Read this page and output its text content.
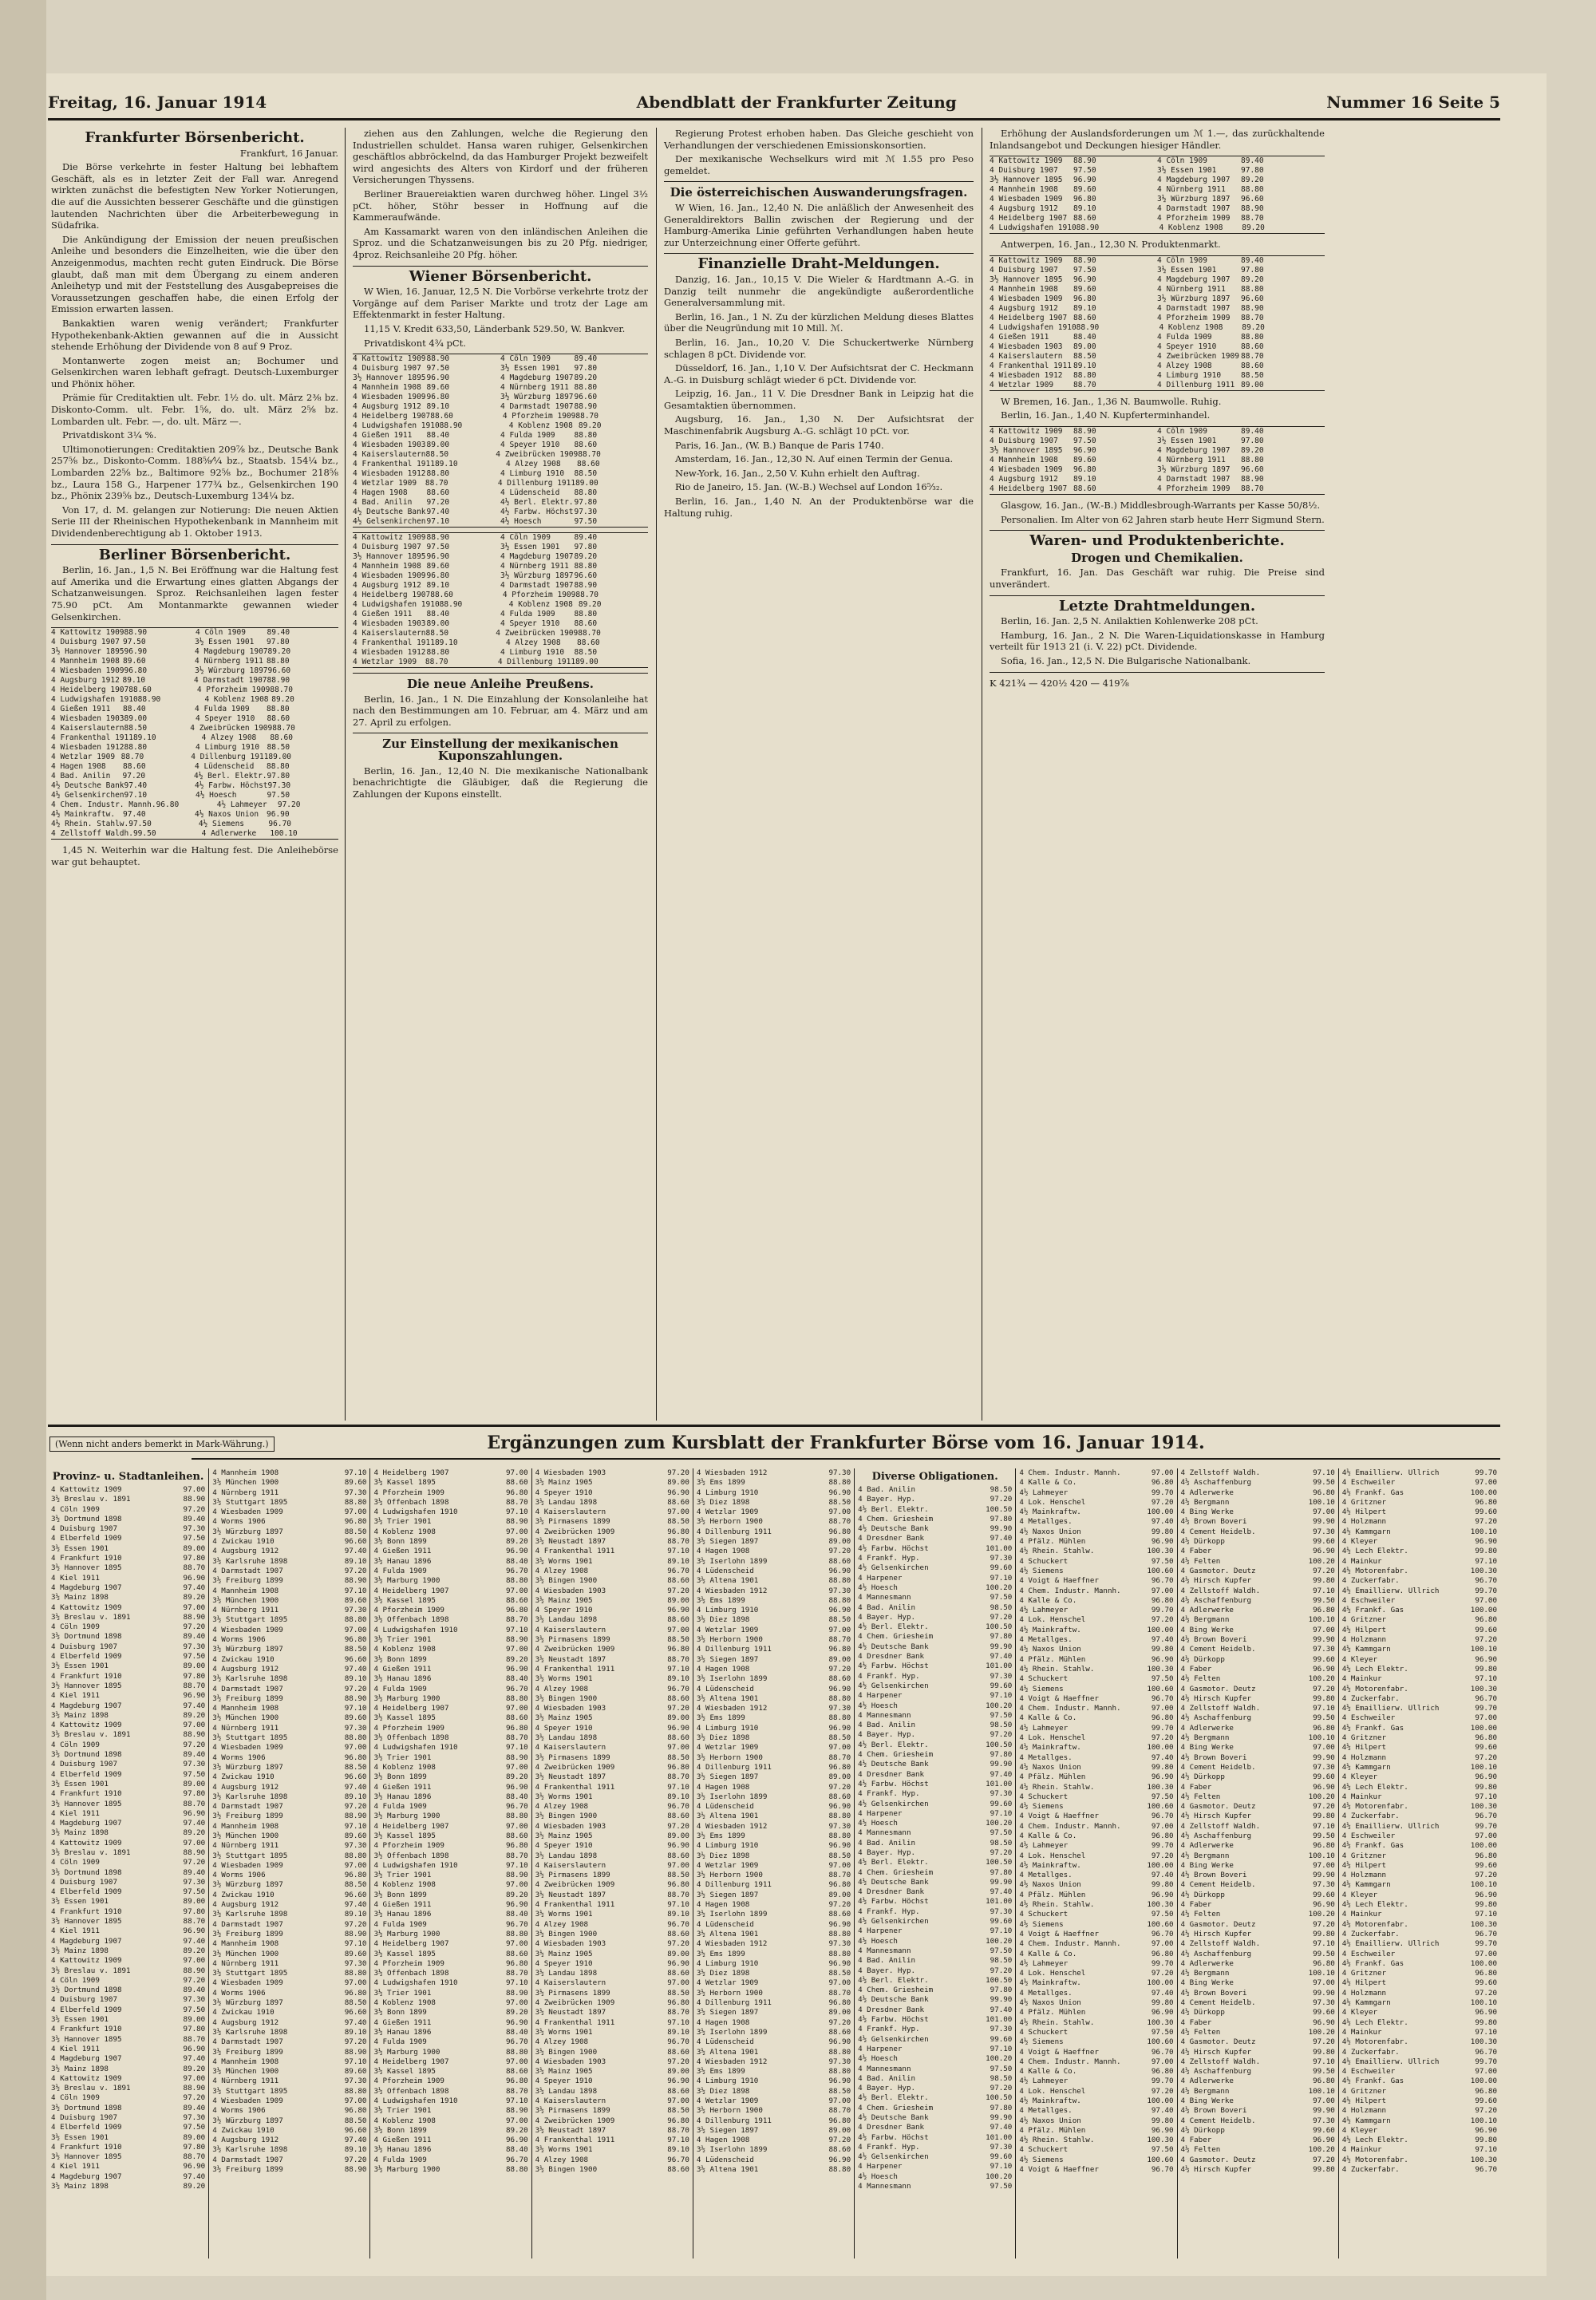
Freitag, 16. Januar 1914	Abendblatt der Frankfurter Zeitung	Nummer 16 Seite 5
Frankfurter Börsenbericht.

Frankfurt, 16 Januar.

Die Börse verkehrte in fester Haltung bei lebhaftem Geschäft, als es in letzter Zeit der Fall war. Anregend wirkten zunächst die befestigten New Yorker Notierungen, die auf die Aussichten besserer Geschäfte und die günstigen lautenden Nachrichten über die Arbeiterbewegung in Südafrika.

Die Ankündigung der Emission der neuen preußischen Anleihe und besonders die Einzelheiten, wie die über den Anzeigenmodus, machten recht guten Eindruck. Die Börse glaubt, daß man mit dem Übergang zu einem anderen Anleihetyp und mit der Feststellung des Ausgabepreises die Voraussetzungen geschaffen habe, die einen Erfolg der Emission erwarten lassen.

Bankaktien waren wenig verändert; Frankfurter Hypothekenbank-Aktien gewannen auf die in Aussicht stehende Erhöhung der Dividende von 8 auf 9 Proz.

Montanwerte zogen meist an; Bochumer und Gelsenkirchen waren lebhaft gefragt. Deutsch-Luxemburger und Phönix höher.

Prämie für Creditaktien ult. Febr. 1½ do. ult. März 2⅜ bz. Diskonto-Comm. ult. Febr. 1⅝, do. ult. März 2⅝ bz. Lombarden ult. Febr. —, do. ult. März —.

Privatdiskont 3¼ %.

Ultimonotierungen: Creditaktien 209⅞ bz., Deutsche Bank 257⅝ bz., Diskonto-Comm. 188⅝⁄¼ bz., Staatsb. 154¼ bz., Lombarden 22⅝ bz., Baltimore 92⅝ bz., Bochumer 218⅝ bz., Laura 158 G., Harpener 177¾ bz., Gelsenkirchen 190 bz., Phönix 239⅝ bz., Deutsch-Luxemburg 134¼ bz.

Von 17, d. M. gelangen zur Notierung: Die neuen Aktien Serie III der Rheinischen Hypothekenbank in Mannheim mit Dividendenberechtigung ab 1. Oktober 1913.

Berliner Börsenbericht.

Berlin, 16. Jan., 1,5 N. Bei Eröffnung war die Haltung fest auf Amerika und die Erwartung eines glatten Abgangs der Schatzanweisungen. Sproz. Reichsanleihen lagen fester 75.90 pCt. Am Montanmarkte gewannen wieder Gelsenkirchen.

4 Kattowitz 1909 88.90	4 Cöln 1909	89.40
4 Duisburg 1907 97.50	3½ Essen 1901	97.80
3½ Hannover 1895 96.90	4 Magdeburg 1907 89.20
4 Mannheim 1908 89.60	4 Nürnberg 1911 88.80
4 Wiesbaden 1909 96.80	3½ Würzburg 1897 96.60
4 Augsburg 1912 89.10	4 Darmstadt 1907 88.90
4 Heidelberg 1907 88.60	4 Pforzheim 1909 88.70
4 Ludwigshafen 1910 88.90	4 Koblenz 1908 89.20
4 Gießen 1911	88.40	4 Fulda 1909	88.80
4 Wiesbaden 1903 89.00	4 Speyer 1910	88.60
4 Kaiserslautern 88.50	4 Zweibrücken 1909 88.70
4 Frankenthal 1911 89.10	4 Alzey 1908	88.60
4 Wiesbaden 1912 88.80	4 Limburg 1910 88.50
4 Wetzlar 1909 88.70	4 Dillenburg 1911 89.00
4 Hagen 1908	88.60	4 Lüdenscheid	88.80
4 Bad. Anilin	97.20	4½ Berl. Elektr. 97.80
4½ Deutsche Bank 97.40	4½ Farbw. Höchst 97.30
4½ Gelsenkirchen 97.10	4½ Hoesch	97.50
4 Chem. Industr. Mannh. 96.80	4½ Lahmeyer	97.20
4½ Mainkraftw.	97.40	4½ Naxos Union	96.90
4½ Rhein. Stahlw. 97.50	4½ Siemens	96.70
4 Zellstoff Waldh. 99.50	4 Adlerwerke	100.10

1,45 N. Weiterhin war die Haltung fest. Die Anleihebörse war gut behauptet.

ziehen aus den Zahlungen, welche die Regierung den Industriellen schuldet. Hansa waren ruhiger, Gelsenkirchen geschäftlos abbröckelnd, da das Hamburger Projekt bezweifelt wird angesichts des Alters von Kirdorf und der früheren Versicherungen Thyssens.

Berliner Brauereiaktien waren durchweg höher. Lingel 3½ pCt. höher, Stöhr besser in Hoffnung auf die Kammeraufwände.

Am Kassamarkt waren von den inländischen Anleihen die Sproz. und die Schatzanweisungen bis zu 20 Pfg. niedriger, 4proz. Reichsanleihe 20 Pfg. höher.

Wiener Börsenbericht.

W Wien, 16. Januar, 12,5 N. Die Vorbörse verkehrte trotz der Vorgänge auf dem Pariser Markte und trotz der Lage am Effektenmarkt in fester Haltung.

11,15 V. Kredit 633,50, Länderbank 529.50, W. Bankver.

Privatdiskont 4¾ pCt.

4 Kattowitz 1909 88.90	4 Cöln 1909	89.40
4 Duisburg 1907 97.50	3½ Essen 1901	97.80
3½ Hannover 1895 96.90	4 Magdeburg 1907 89.20
4 Mannheim 1908 89.60	4 Nürnberg 1911 88.80
4 Wiesbaden 1909 96.80	3½ Würzburg 1897 96.60
4 Augsburg 1912 89.10	4 Darmstadt 1907 88.90
4 Heidelberg 1907 88.60	4 Pforzheim 1909 88.70
4 Ludwigshafen 1910 88.90	4 Koblenz 1908 89.20
4 Gießen 1911	88.40	4 Fulda 1909	88.80
4 Wiesbaden 1903 89.00	4 Speyer 1910	88.60
4 Kaiserslautern 88.50	4 Zweibrücken 1909 88.70
4 Frankenthal 1911 89.10	4 Alzey 1908	88.60
4 Wiesbaden 1912 88.80	4 Limburg 1910	88.50
4 Wetzlar 1909	88.70	4 Dillenburg 1911 89.00
4 Hagen 1908	88.60	4 Lüdenscheid	88.80
4 Bad. Anilin	97.20	4½ Berl. Elektr. 97.80
4½ Deutsche Bank 97.40	4½ Farbw. Höchst 97.30
4½ Gelsenkirchen 97.10	4½ Hoesch	97.50
4 Kattowitz 1909 88.90	4 Cöln 1909	89.40
4 Duisburg 1907 97.50	3½ Essen 1901	97.80
3½ Hannover 1895 96.90	4 Magdeburg 1907 89.20
4 Mannheim 1908 89.60	4 Nürnberg 1911 88.80
4 Wiesbaden 1909 96.80	3½ Würzburg 1897 96.60
4 Augsburg 1912 89.10	4 Darmstadt 1907 88.90
4 Heidelberg 1907 88.60	4 Pforzheim 1909 88.70
4 Ludwigshafen 1910 88.90	4 Koblenz 1908 89.20
4 Gießen 1911	88.40	4 Fulda 1909	88.80
4 Wiesbaden 1903 89.00	4 Speyer 1910	88.60
4 Kaiserslautern 88.50	4 Zweibrücken 1909 88.70
4 Frankenthal 1911 89.10	4 Alzey 1908	88.60
4 Wiesbaden 1912 88.80	4 Limburg 1910	88.50
4 Wetzlar 1909	88.70	4 Dillenburg 1911 89.00
Die neue Anleihe Preußens.

Berlin, 16. Jan., 1 N. Die Einzahlung der Konsolanleihe hat nach den Bestimmungen am 10. Februar, am 4. März und am 27. April zu erfolgen.

Zur Einstellung der mexikanischen Kuponszahlungen.

Berlin, 16. Jan., 12,40 N. Die mexikanische Nationalbank benachrichtigte die Gläubiger, daß die Regierung die Zahlungen der Kupons einstellt.

Regierung Protest erhoben haben. Das Gleiche geschieht von Verhandlungen der verschiedenen Emissionskonsortien.

Der mexikanische Wechselkurs wird mit ℳ 1.55 pro Peso gemeldet.

Die österreichischen Auswanderungsfragen.

W Wien, 16. Jan., 12,40 N. Die anläßlich der Anwesenheit des Generaldirektors Ballin zwischen der Regierung und der Hamburg-Amerika Linie geführten Verhandlungen haben heute zur Unterzeichnung einer Offerte geführt.

Finanzielle Draht-Meldungen.

Danzig, 16. Jan., 10,15 V. Die Wieler & Hardtmann A.-G. in Danzig teilt nunmehr die angekündigte außerordentliche Generalversammlung mit.

Berlin, 16. Jan., 1 N. Zu der kürzlichen Meldung dieses Blattes über die Neugründung mit 10 Mill. ℳ.

Berlin, 16. Jan., 10,20 V. Die Schuckertwerke Nürnberg schlagen 8 pCt. Dividende vor.

Düsseldorf, 16. Jan., 1,10 V. Der Aufsichtsrat der C. Heckmann A.-G. in Duisburg schlägt wieder 6 pCt. Dividende vor.

Leipzig, 16. Jan., 11 V. Die Dresdner Bank in Leipzig hat die Gesamtaktien übernommen.

Augsburg, 16. Jan., 1,30 N. Der Aufsichtsrat der Maschinenfabrik Augsburg A.-G. schlägt 10 pCt. vor.

Paris, 16. Jan., (W. B.) Banque de Paris 1740.

Amsterdam, 16. Jan., 12,30 N. Auf einen Termin der Genua.

New-York, 16. Jan., 2,50 V. Kuhn erhielt den Auftrag.

Rio de Janeiro, 15. Jan. (W.-B.) Wechsel auf London 16⁵⁄₃₂.

Berlin, 16. Jan., 1,40 N. An der Produktenbörse war die Haltung ruhig.

Erhöhung der Auslandsforderungen um ℳ 1.—, das zurückhaltende Inlandsangebot und Deckungen hiesiger Händler.

4 Kattowitz 1909	88.90	4 Cöln 1909	89.40
4 Duisburg 1907	97.50	3½ Essen 1901	97.80
3½ Hannover 1895	96.90	4 Magdeburg 1907	89.20
4 Mannheim 1908	89.60	4 Nürnberg 1911	88.80
4 Wiesbaden 1909	96.80	3½ Würzburg 1897	96.60
4 Augsburg 1912	89.10	4 Darmstadt 1907	88.90
4 Heidelberg 1907 88.60	4 Pforzheim 1909	88.70
4 Ludwigshafen 1910 88.90	4 Koblenz 1908	89.20

Antwerpen, 16. Jan., 12,30 N. Produktenmarkt.

4 Kattowitz 1909	88.90	4 Cöln 1909	89.40
4 Duisburg 1907	97.50	3½ Essen 1901	97.80
3½ Hannover 1895	96.90	4 Magdeburg 1907	89.20
4 Mannheim 1908	89.60	4 Nürnberg 1911	88.80
4 Wiesbaden 1909	96.80	3½ Würzburg 1897	96.60
4 Augsburg 1912	89.10	4 Darmstadt 1907	88.90
4 Heidelberg 1907 88.60	4 Pforzheim 1909	88.70
4 Ludwigshafen 1910 88.90	4 Koblenz 1908	89.20
4 Gießen 1911	88.40	4 Fulda 1909	88.80
4 Wiesbaden 1903	89.00	4 Speyer 1910	88.60
4 Kaiserslautern	88.50	4 Zweibrücken 1909 88.70
4 Frankenthal 1911 89.10	4 Alzey 1908	88.60
4 Wiesbaden 1912	88.80	4 Limburg 1910	88.50
4 Wetzlar 1909	88.70	4 Dillenburg 1911 89.00

W Bremen, 16. Jan., 1,36 N. Baumwolle. Ruhig.

Berlin, 16. Jan., 1,40 N. Kupferterminhandel.

4 Kattowitz 1909	88.90	4 Cöln 1909	89.40
4 Duisburg 1907	97.50	3½ Essen 1901	97.80
3½ Hannover 1895	96.90	4 Magdeburg 1907	89.20
4 Mannheim 1908	89.60	4 Nürnberg 1911	88.80
4 Wiesbaden 1909	96.80	3½ Würzburg 1897	96.60
4 Augsburg 1912	89.10	4 Darmstadt 1907	88.90
4 Heidelberg 1907 88.60	4 Pforzheim 1909	88.70

Glasgow, 16. Jan., (W.-B.) Middlesbrough-Warrants per Kasse 50/8½.

Personalien. Im Alter von 62 Jahren starb heute Herr Sigmund Stern.

Waren- und Produktenberichte.
Drogen und Chemikalien.

Frankfurt, 16. Jan. Das Geschäft war ruhig. Die Preise sind unverändert.

Letzte Drahtmeldungen.

Berlin, 16. Jan. 2,5 N. Anilaktien Kohlenwerke 208 pCt.

Hamburg, 16. Jan., 2 N. Die Waren-Liquidationskasse in Hamburg verteilt für 1913 21 (i. V. 22) pCt. Dividende.

Sofia, 16. Jan., 12,5 N. Die Bulgarische Nationalbank.

K 421¾ — 420½ 420 — 419⅞

(Wenn nicht anders bemerkt in Mark-Währung.)	Ergänzungen zum Kursblatt der Frankfurter Börse vom 16. Januar 1914.
Provinz- u. Stadtanleihen.
4 Kattowitz 1909	97.00
3½ Breslau v. 1891	88.90
4 Cöln 1909	97.20
3½ Dortmund 1898	89.40
4 Duisburg 1907	97.30
4 Elberfeld 1909	97.50
3½ Essen 1901	89.00
4 Frankfurt 1910	97.80
3½ Hannover 1895	88.70
4 Kiel 1911	96.90
4 Magdeburg 1907	97.40
3½ Mainz 1898	89.20
4 Kattowitz 1909	97.00
3½ Breslau v. 1891	88.90
4 Cöln 1909	97.20
3½ Dortmund 1898	89.40
4 Duisburg 1907	97.30
4 Elberfeld 1909	97.50
3½ Essen 1901	89.00
4 Frankfurt 1910	97.80
3½ Hannover 1895	88.70
4 Kiel 1911	96.90
4 Magdeburg 1907	97.40
3½ Mainz 1898	89.20
4 Kattowitz 1909	97.00
3½ Breslau v. 1891	88.90
4 Cöln 1909	97.20
3½ Dortmund 1898	89.40
4 Duisburg 1907	97.30
4 Elberfeld 1909	97.50
3½ Essen 1901	89.00
4 Frankfurt 1910	97.80
3½ Hannover 1895	88.70
4 Kiel 1911	96.90
4 Magdeburg 1907	97.40
3½ Mainz 1898	89.20
4 Kattowitz 1909	97.00
3½ Breslau v. 1891	88.90
4 Cöln 1909	97.20
3½ Dortmund 1898	89.40
4 Duisburg 1907	97.30
4 Elberfeld 1909	97.50
3½ Essen 1901	89.00
4 Frankfurt 1910	97.80
3½ Hannover 1895	88.70
4 Kiel 1911	96.90
4 Magdeburg 1907	97.40
3½ Mainz 1898	89.20
4 Kattowitz 1909	97.00
3½ Breslau v. 1891	88.90
4 Cöln 1909	97.20
3½ Dortmund 1898	89.40
4 Duisburg 1907	97.30
4 Elberfeld 1909	97.50
3½ Essen 1901	89.00
4 Frankfurt 1910	97.80
3½ Hannover 1895	88.70
4 Kiel 1911	96.90
4 Magdeburg 1907	97.40
3½ Mainz 1898	89.20
4 Kattowitz 1909	97.00
3½ Breslau v. 1891	88.90
4 Cöln 1909	97.20
3½ Dortmund 1898	89.40
4 Duisburg 1907	97.30
4 Elberfeld 1909	97.50
3½ Essen 1901	89.00
4 Frankfurt 1910	97.80
3½ Hannover 1895	88.70
4 Kiel 1911	96.90
4 Magdeburg 1907	97.40
3½ Mainz 1898	89.20
4 Mannheim 1908	97.10
3½ München 1900	89.60
4 Nürnberg 1911	97.30
3½ Stuttgart 1895	88.80
4 Wiesbaden 1909	97.00
4 Worms 1906	96.80
3½ Würzburg 1897	88.50
4 Zwickau 1910	96.60
4 Augsburg 1912	97.40
3½ Karlsruhe 1898	89.10
4 Darmstadt 1907	97.20
3½ Freiburg 1899	88.90
4 Mannheim 1908	97.10
3½ München 1900	89.60
4 Nürnberg 1911	97.30
3½ Stuttgart 1895	88.80
4 Wiesbaden 1909	97.00
4 Worms 1906	96.80
3½ Würzburg 1897	88.50
4 Zwickau 1910	96.60
4 Augsburg 1912	97.40
3½ Karlsruhe 1898	89.10
4 Darmstadt 1907	97.20
3½ Freiburg 1899	88.90
4 Mannheim 1908	97.10
3½ München 1900	89.60
4 Nürnberg 1911	97.30
3½ Stuttgart 1895	88.80
4 Wiesbaden 1909	97.00
4 Worms 1906	96.80
3½ Würzburg 1897	88.50
4 Zwickau 1910	96.60
4 Augsburg 1912	97.40
3½ Karlsruhe 1898	89.10
4 Darmstadt 1907	97.20
3½ Freiburg 1899	88.90
4 Mannheim 1908	97.10
3½ München 1900	89.60
4 Nürnberg 1911	97.30
3½ Stuttgart 1895	88.80
4 Wiesbaden 1909	97.00
4 Worms 1906	96.80
3½ Würzburg 1897	88.50
4 Zwickau 1910	96.60
4 Augsburg 1912	97.40
3½ Karlsruhe 1898	89.10
4 Darmstadt 1907	97.20
3½ Freiburg 1899	88.90
4 Mannheim 1908	97.10
3½ München 1900	89.60
4 Nürnberg 1911	97.30
3½ Stuttgart 1895	88.80
4 Wiesbaden 1909	97.00
4 Worms 1906	96.80
3½ Würzburg 1897	88.50
4 Zwickau 1910	96.60
4 Augsburg 1912	97.40
3½ Karlsruhe 1898	89.10
4 Darmstadt 1907	97.20
3½ Freiburg 1899	88.90
4 Mannheim 1908	97.10
3½ München 1900	89.60
4 Nürnberg 1911	97.30
3½ Stuttgart 1895	88.80
4 Wiesbaden 1909	97.00
4 Worms 1906	96.80
3½ Würzburg 1897	88.50
4 Zwickau 1910	96.60
4 Augsburg 1912	97.40
3½ Karlsruhe 1898	89.10
4 Darmstadt 1907	97.20
3½ Freiburg 1899	88.90
4 Heidelberg 1907	97.00
3½ Kassel 1895	88.60
4 Pforzheim 1909	96.80
3½ Offenbach 1898	88.70
4 Ludwigshafen 1910	97.10
3½ Trier 1901	88.90
4 Koblenz 1908	97.00
3½ Bonn 1899	89.20
4 Gießen 1911	96.90
3½ Hanau 1896	88.40
4 Fulda 1909	96.70
3½ Marburg 1900	88.80
4 Heidelberg 1907	97.00
3½ Kassel 1895	88.60
4 Pforzheim 1909	96.80
3½ Offenbach 1898	88.70
4 Ludwigshafen 1910	97.10
3½ Trier 1901	88.90
4 Koblenz 1908	97.00
3½ Bonn 1899	89.20
4 Gießen 1911	96.90
3½ Hanau 1896	88.40
4 Fulda 1909	96.70
3½ Marburg 1900	88.80
4 Heidelberg 1907	97.00
3½ Kassel 1895	88.60
4 Pforzheim 1909	96.80
3½ Offenbach 1898	88.70
4 Ludwigshafen 1910	97.10
3½ Trier 1901	88.90
4 Koblenz 1908	97.00
3½ Bonn 1899	89.20
4 Gießen 1911	96.90
3½ Hanau 1896	88.40
4 Fulda 1909	96.70
3½ Marburg 1900	88.80
4 Heidelberg 1907	97.00
3½ Kassel 1895	88.60
4 Pforzheim 1909	96.80
3½ Offenbach 1898	88.70
4 Ludwigshafen 1910	97.10
3½ Trier 1901	88.90
4 Koblenz 1908	97.00
3½ Bonn 1899	89.20
4 Gießen 1911	96.90
3½ Hanau 1896	88.40
4 Fulda 1909	96.70
3½ Marburg 1900	88.80
4 Heidelberg 1907	97.00
3½ Kassel 1895	88.60
4 Pforzheim 1909	96.80
3½ Offenbach 1898	88.70
4 Ludwigshafen 1910	97.10
3½ Trier 1901	88.90
4 Koblenz 1908	97.00
3½ Bonn 1899	89.20
4 Gießen 1911	96.90
3½ Hanau 1896	88.40
4 Fulda 1909	96.70
3½ Marburg 1900	88.80
4 Heidelberg 1907	97.00
3½ Kassel 1895	88.60
4 Pforzheim 1909	96.80
3½ Offenbach 1898	88.70
4 Ludwigshafen 1910	97.10
3½ Trier 1901	88.90
4 Koblenz 1908	97.00
3½ Bonn 1899	89.20
4 Gießen 1911	96.90
3½ Hanau 1896	88.40
4 Fulda 1909	96.70
3½ Marburg 1900	88.80
4 Wiesbaden 1903	97.20
3½ Mainz 1905	89.00
4 Speyer 1910	96.90
3½ Landau 1898	88.60
4 Kaiserslautern	97.00
3½ Pirmasens 1899	88.50
4 Zweibrücken 1909	96.80
3½ Neustadt 1897	88.70
4 Frankenthal 1911	97.10
3½ Worms 1901	89.10
4 Alzey 1908	96.70
3½ Bingen 1900	88.60
4 Wiesbaden 1903	97.20
3½ Mainz 1905	89.00
4 Speyer 1910	96.90
3½ Landau 1898	88.60
4 Kaiserslautern	97.00
3½ Pirmasens 1899	88.50
4 Zweibrücken 1909	96.80
3½ Neustadt 1897	88.70
4 Frankenthal 1911	97.10
3½ Worms 1901	89.10
4 Alzey 1908	96.70
3½ Bingen 1900	88.60
4 Wiesbaden 1903	97.20
3½ Mainz 1905	89.00
4 Speyer 1910	96.90
3½ Landau 1898	88.60
4 Kaiserslautern	97.00
3½ Pirmasens 1899	88.50
4 Zweibrücken 1909	96.80
3½ Neustadt 1897	88.70
4 Frankenthal 1911	97.10
3½ Worms 1901	89.10
4 Alzey 1908	96.70
3½ Bingen 1900	88.60
4 Wiesbaden 1903	97.20
3½ Mainz 1905	89.00
4 Speyer 1910	96.90
3½ Landau 1898	88.60
4 Kaiserslautern	97.00
3½ Pirmasens 1899	88.50
4 Zweibrücken 1909	96.80
3½ Neustadt 1897	88.70
4 Frankenthal 1911	97.10
3½ Worms 1901	89.10
4 Alzey 1908	96.70
3½ Bingen 1900	88.60
4 Wiesbaden 1903	97.20
3½ Mainz 1905	89.00
4 Speyer 1910	96.90
3½ Landau 1898	88.60
4 Kaiserslautern	97.00
3½ Pirmasens 1899	88.50
4 Zweibrücken 1909	96.80
3½ Neustadt 1897	88.70
4 Frankenthal 1911	97.10
3½ Worms 1901	89.10
4 Alzey 1908	96.70
3½ Bingen 1900	88.60
4 Wiesbaden 1903	97.20
3½ Mainz 1905	89.00
4 Speyer 1910	96.90
3½ Landau 1898	88.60
4 Kaiserslautern	97.00
3½ Pirmasens 1899	88.50
4 Zweibrücken 1909	96.80
3½ Neustadt 1897	88.70
4 Frankenthal 1911	97.10
3½ Worms 1901	89.10
4 Alzey 1908	96.70
3½ Bingen 1900	88.60
4 Wiesbaden 1912	97.30
3½ Ems 1899	88.80
4 Limburg 1910	96.90
3½ Diez 1898	88.50
4 Wetzlar 1909	97.00
3½ Herborn 1900	88.70
4 Dillenburg 1911	96.80
3½ Siegen 1897	89.00
4 Hagen 1908	97.20
3½ Iserlohn 1899	88.60
4 Lüdenscheid	96.90
3½ Altena 1901	88.80
4 Wiesbaden 1912	97.30
3½ Ems 1899	88.80
4 Limburg 1910	96.90
3½ Diez 1898	88.50
4 Wetzlar 1909	97.00
3½ Herborn 1900	88.70
4 Dillenburg 1911	96.80
3½ Siegen 1897	89.00
4 Hagen 1908	97.20
3½ Iserlohn 1899	88.60
4 Lüdenscheid	96.90
3½ Altena 1901	88.80
4 Wiesbaden 1912	97.30
3½ Ems 1899	88.80
4 Limburg 1910	96.90
3½ Diez 1898	88.50
4 Wetzlar 1909	97.00
3½ Herborn 1900	88.70
4 Dillenburg 1911	96.80
3½ Siegen 1897	89.00
4 Hagen 1908	97.20
3½ Iserlohn 1899	88.60
4 Lüdenscheid	96.90
3½ Altena 1901	88.80
4 Wiesbaden 1912	97.30
3½ Ems 1899	88.80
4 Limburg 1910	96.90
3½ Diez 1898	88.50
4 Wetzlar 1909	97.00
3½ Herborn 1900	88.70
4 Dillenburg 1911	96.80
3½ Siegen 1897	89.00
4 Hagen 1908	97.20
3½ Iserlohn 1899	88.60
4 Lüdenscheid	96.90
3½ Altena 1901	88.80
4 Wiesbaden 1912	97.30
3½ Ems 1899	88.80
4 Limburg 1910	96.90
3½ Diez 1898	88.50
4 Wetzlar 1909	97.00
3½ Herborn 1900	88.70
4 Dillenburg 1911	96.80
3½ Siegen 1897	89.00
4 Hagen 1908	97.20
3½ Iserlohn 1899	88.60
4 Lüdenscheid	96.90
3½ Altena 1901	88.80
4 Wiesbaden 1912	97.30
3½ Ems 1899	88.80
4 Limburg 1910	96.90
3½ Diez 1898	88.50
4 Wetzlar 1909	97.00
3½ Herborn 1900	88.70
4 Dillenburg 1911	96.80
3½ Siegen 1897	89.00
4 Hagen 1908	97.20
3½ Iserlohn 1899	88.60
4 Lüdenscheid	96.90
3½ Altena 1901	88.80
Diverse Obligationen.
4 Bad. Anilin	98.50
4 Bayer. Hyp.	97.20
4½ Berl. Elektr.	100.50
4 Chem. Griesheim	97.80
4½ Deutsche Bank	99.90
4 Dresdner Bank	97.40
4½ Farbw. Höchst	101.00
4 Frankf. Hyp.	97.30
4½ Gelsenkirchen	99.60
4 Harpener	97.10
4½ Hoesch	100.20
4 Mannesmann	97.50
4 Bad. Anilin	98.50
4 Bayer. Hyp.	97.20
4½ Berl. Elektr.	100.50
4 Chem. Griesheim	97.80
4½ Deutsche Bank	99.90
4 Dresdner Bank	97.40
4½ Farbw. Höchst	101.00
4 Frankf. Hyp.	97.30
4½ Gelsenkirchen	99.60
4 Harpener	97.10
4½ Hoesch	100.20
4 Mannesmann	97.50
4 Bad. Anilin	98.50
4 Bayer. Hyp.	97.20
4½ Berl. Elektr.	100.50
4 Chem. Griesheim	97.80
4½ Deutsche Bank	99.90
4 Dresdner Bank	97.40
4½ Farbw. Höchst	101.00
4 Frankf. Hyp.	97.30
4½ Gelsenkirchen	99.60
4 Harpener	97.10
4½ Hoesch	100.20
4 Mannesmann	97.50
4 Bad. Anilin	98.50
4 Bayer. Hyp.	97.20
4½ Berl. Elektr.	100.50
4 Chem. Griesheim	97.80
4½ Deutsche Bank	99.90
4 Dresdner Bank	97.40
4½ Farbw. Höchst	101.00
4 Frankf. Hyp.	97.30
4½ Gelsenkirchen	99.60
4 Harpener	97.10
4½ Hoesch	100.20
4 Mannesmann	97.50
4 Bad. Anilin	98.50
4 Bayer. Hyp.	97.20
4½ Berl. Elektr.	100.50
4 Chem. Griesheim	97.80
4½ Deutsche Bank	99.90
4 Dresdner Bank	97.40
4½ Farbw. Höchst	101.00
4 Frankf. Hyp.	97.30
4½ Gelsenkirchen	99.60
4 Harpener	97.10
4½ Hoesch	100.20
4 Mannesmann	97.50
4 Bad. Anilin	98.50
4 Bayer. Hyp.	97.20
4½ Berl. Elektr.	100.50
4 Chem. Griesheim	97.80
4½ Deutsche Bank	99.90
4 Dresdner Bank	97.40
4½ Farbw. Höchst	101.00
4 Frankf. Hyp.	97.30
4½ Gelsenkirchen	99.60
4 Harpener	97.10
4½ Hoesch	100.20
4 Mannesmann	97.50
4 Chem. Industr. Mannh.	97.00
4 Kalle & Co.	96.80
4½ Lahmeyer	99.70
4 Lok. Henschel	97.20
4½ Mainkraftw.	100.00
4 Metallges.	97.40
4½ Naxos Union	99.80
4 Pfälz. Mühlen	96.90
4½ Rhein. Stahlw.	100.30
4 Schuckert	97.50
4½ Siemens	100.60
4 Voigt & Haeffner	96.70
4 Chem. Industr. Mannh.	97.00
4 Kalle & Co.	96.80
4½ Lahmeyer	99.70
4 Lok. Henschel	97.20
4½ Mainkraftw.	100.00
4 Metallges.	97.40
4½ Naxos Union	99.80
4 Pfälz. Mühlen	96.90
4½ Rhein. Stahlw.	100.30
4 Schuckert	97.50
4½ Siemens	100.60
4 Voigt & Haeffner	96.70
4 Chem. Industr. Mannh.	97.00
4 Kalle & Co.	96.80
4½ Lahmeyer	99.70
4 Lok. Henschel	97.20
4½ Mainkraftw.	100.00
4 Metallges.	97.40
4½ Naxos Union	99.80
4 Pfälz. Mühlen	96.90
4½ Rhein. Stahlw.	100.30
4 Schuckert	97.50
4½ Siemens	100.60
4 Voigt & Haeffner	96.70
4 Chem. Industr. Mannh.	97.00
4 Kalle & Co.	96.80
4½ Lahmeyer	99.70
4 Lok. Henschel	97.20
4½ Mainkraftw.	100.00
4 Metallges.	97.40
4½ Naxos Union	99.80
4 Pfälz. Mühlen	96.90
4½ Rhein. Stahlw.	100.30
4 Schuckert	97.50
4½ Siemens	100.60
4 Voigt & Haeffner	96.70
4 Chem. Industr. Mannh.	97.00
4 Kalle & Co.	96.80
4½ Lahmeyer	99.70
4 Lok. Henschel	97.20
4½ Mainkraftw.	100.00
4 Metallges.	97.40
4½ Naxos Union	99.80
4 Pfälz. Mühlen	96.90
4½ Rhein. Stahlw.	100.30
4 Schuckert	97.50
4½ Siemens	100.60
4 Voigt & Haeffner	96.70
4 Chem. Industr. Mannh.	97.00
4 Kalle & Co.	96.80
4½ Lahmeyer	99.70
4 Lok. Henschel	97.20
4½ Mainkraftw.	100.00
4 Metallges.	97.40
4½ Naxos Union	99.80
4 Pfälz. Mühlen	96.90
4½ Rhein. Stahlw.	100.30
4 Schuckert	97.50
4½ Siemens	100.60
4 Voigt & Haeffner	96.70
4 Zellstoff Waldh.	97.10
4½ Aschaffenburg	99.50
4 Adlerwerke	96.80
4½ Bergmann	100.10
4 Bing Werke	97.00
4½ Brown Boveri	99.90
4 Cement Heidelb.	97.30
4½ Dürkopp	99.60
4 Faber	96.90
4½ Felten	100.20
4 Gasmotor. Deutz	97.20
4½ Hirsch Kupfer	99.80
4 Zellstoff Waldh.	97.10
4½ Aschaffenburg	99.50
4 Adlerwerke	96.80
4½ Bergmann	100.10
4 Bing Werke	97.00
4½ Brown Boveri	99.90
4 Cement Heidelb.	97.30
4½ Dürkopp	99.60
4 Faber	96.90
4½ Felten	100.20
4 Gasmotor. Deutz	97.20
4½ Hirsch Kupfer	99.80
4 Zellstoff Waldh.	97.10
4½ Aschaffenburg	99.50
4 Adlerwerke	96.80
4½ Bergmann	100.10
4 Bing Werke	97.00
4½ Brown Boveri	99.90
4 Cement Heidelb.	97.30
4½ Dürkopp	99.60
4 Faber	96.90
4½ Felten	100.20
4 Gasmotor. Deutz	97.20
4½ Hirsch Kupfer	99.80
4 Zellstoff Waldh.	97.10
4½ Aschaffenburg	99.50
4 Adlerwerke	96.80
4½ Bergmann	100.10
4 Bing Werke	97.00
4½ Brown Boveri	99.90
4 Cement Heidelb.	97.30
4½ Dürkopp	99.60
4 Faber	96.90
4½ Felten	100.20
4 Gasmotor. Deutz	97.20
4½ Hirsch Kupfer	99.80
4 Zellstoff Waldh.	97.10
4½ Aschaffenburg	99.50
4 Adlerwerke	96.80
4½ Bergmann	100.10
4 Bing Werke	97.00
4½ Brown Boveri	99.90
4 Cement Heidelb.	97.30
4½ Dürkopp	99.60
4 Faber	96.90
4½ Felten	100.20
4 Gasmotor. Deutz	97.20
4½ Hirsch Kupfer	99.80
4 Zellstoff Waldh.	97.10
4½ Aschaffenburg	99.50
4 Adlerwerke	96.80
4½ Bergmann	100.10
4 Bing Werke	97.00
4½ Brown Boveri	99.90
4 Cement Heidelb.	97.30
4½ Dürkopp	99.60
4 Faber	96.90
4½ Felten	100.20
4 Gasmotor. Deutz	97.20
4½ Hirsch Kupfer	99.80
4½ Emaillierw. Ullrich	99.70
4 Eschweiler	97.00
4½ Frankf. Gas	100.00
4 Gritzner	96.80
4½ Hilpert	99.60
4 Holzmann	97.20
4½ Kammgarn	100.10
4 Kleyer	96.90
4½ Lech Elektr.	99.80
4 Mainkur	97.10
4½ Motorenfabr.	100.30
4 Zuckerfabr.	96.70
4½ Emaillierw. Ullrich	99.70
4 Eschweiler	97.00
4½ Frankf. Gas	100.00
4 Gritzner	96.80
4½ Hilpert	99.60
4 Holzmann	97.20
4½ Kammgarn	100.10
4 Kleyer	96.90
4½ Lech Elektr.	99.80
4 Mainkur	97.10
4½ Motorenfabr.	100.30
4 Zuckerfabr.	96.70
4½ Emaillierw. Ullrich	99.70
4 Eschweiler	97.00
4½ Frankf. Gas	100.00
4 Gritzner	96.80
4½ Hilpert	99.60
4 Holzmann	97.20
4½ Kammgarn	100.10
4 Kleyer	96.90
4½ Lech Elektr.	99.80
4 Mainkur	97.10
4½ Motorenfabr.	100.30
4 Zuckerfabr.	96.70
4½ Emaillierw. Ullrich	99.70
4 Eschweiler	97.00
4½ Frankf. Gas	100.00
4 Gritzner	96.80
4½ Hilpert	99.60
4 Holzmann	97.20
4½ Kammgarn	100.10
4 Kleyer	96.90
4½ Lech Elektr.	99.80
4 Mainkur	97.10
4½ Motorenfabr.	100.30
4 Zuckerfabr.	96.70
4½ Emaillierw. Ullrich	99.70
4 Eschweiler	97.00
4½ Frankf. Gas	100.00
4 Gritzner	96.80
4½ Hilpert	99.60
4 Holzmann	97.20
4½ Kammgarn	100.10
4 Kleyer	96.90
4½ Lech Elektr.	99.80
4 Mainkur	97.10
4½ Motorenfabr.	100.30
4 Zuckerfabr.	96.70
4½ Emaillierw. Ullrich	99.70
4 Eschweiler	97.00
4½ Frankf. Gas	100.00
4 Gritzner	96.80
4½ Hilpert	99.60
4 Holzmann	97.20
4½ Kammgarn	100.10
4 Kleyer	96.90
4½ Lech Elektr.	99.80
4 Mainkur	97.10
4½ Motorenfabr.	100.30
4 Zuckerfabr.	96.70
